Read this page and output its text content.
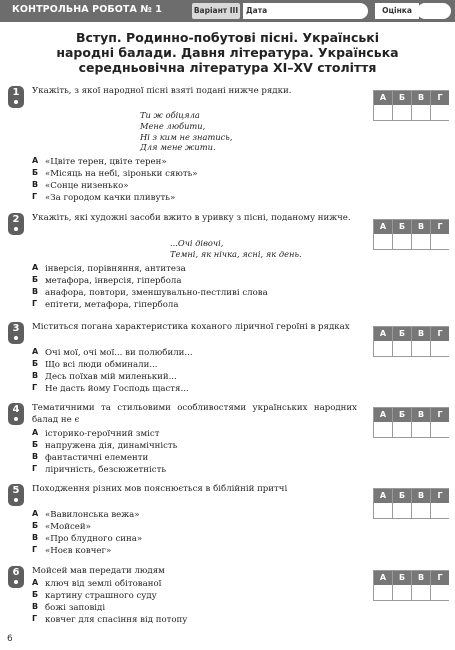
КОНТРОЛЬНА РОБОТА № 1	Варіант ІІІ	Дата	Оцінка
Вступ. Родинно-побутові пісні. Українські
народні балади. Давня література. Українська
середньовічна література ХІ–ХV століття
1	Укажіть, з якої народної пісні взяті подані нижче рядки.
Ти ж обіцяла
Мене любити,
Ні з ким не знатись,
Для мене жити.
А «Цвіте терен, цвіте терен»
Б «Місяць на небі, зіроньки сяють»
В «Сонце низенько»
Г «За городом качки пливуть»
А	Б	В	Г
2	Укажіть, які художні засоби вжито в уривку з пісні, поданому нижче.
...Очі дівочі,
Темні, як нічка, ясні, як день.
А інверсія, порівняння, антитеза
Б метафора, інверсія, гіпербола
В анафора, повтори, зменшувально-пестливі слова
Г епітети, метафора, гіпербола
А	Б	В	Г
3	Міститься погана характеристика коханого ліричної героїні в рядках
А Очі мої, очі мої... ви полюбили...
Б Що всі люди обминали...
В Десь поїхав мій миленький...
Г Не дасть йому Господь щастя...
А	Б	В	Г
4	Тематичними та стильовими особливостями українських народних балад не є
А історико-героїчний зміст
Б напружена дія, динамічність
В фантастичні елементи
Г ліричність, безсюжетність
А	Б	В	Г
5	Походження різних мов пояснюється в біблійній притчі
А «Вавилонська вежа»
Б «Мойсей»
В «Про блудного сина»
Г «Ноєв ковчег»
А	Б	В	Г
6	Мойсей мав передати людям
А ключ від землі обітованої
Б картину страшного суду
В божі заповіді
Г ковчег для спасіння від потопу
А	Б	В	Г
6
